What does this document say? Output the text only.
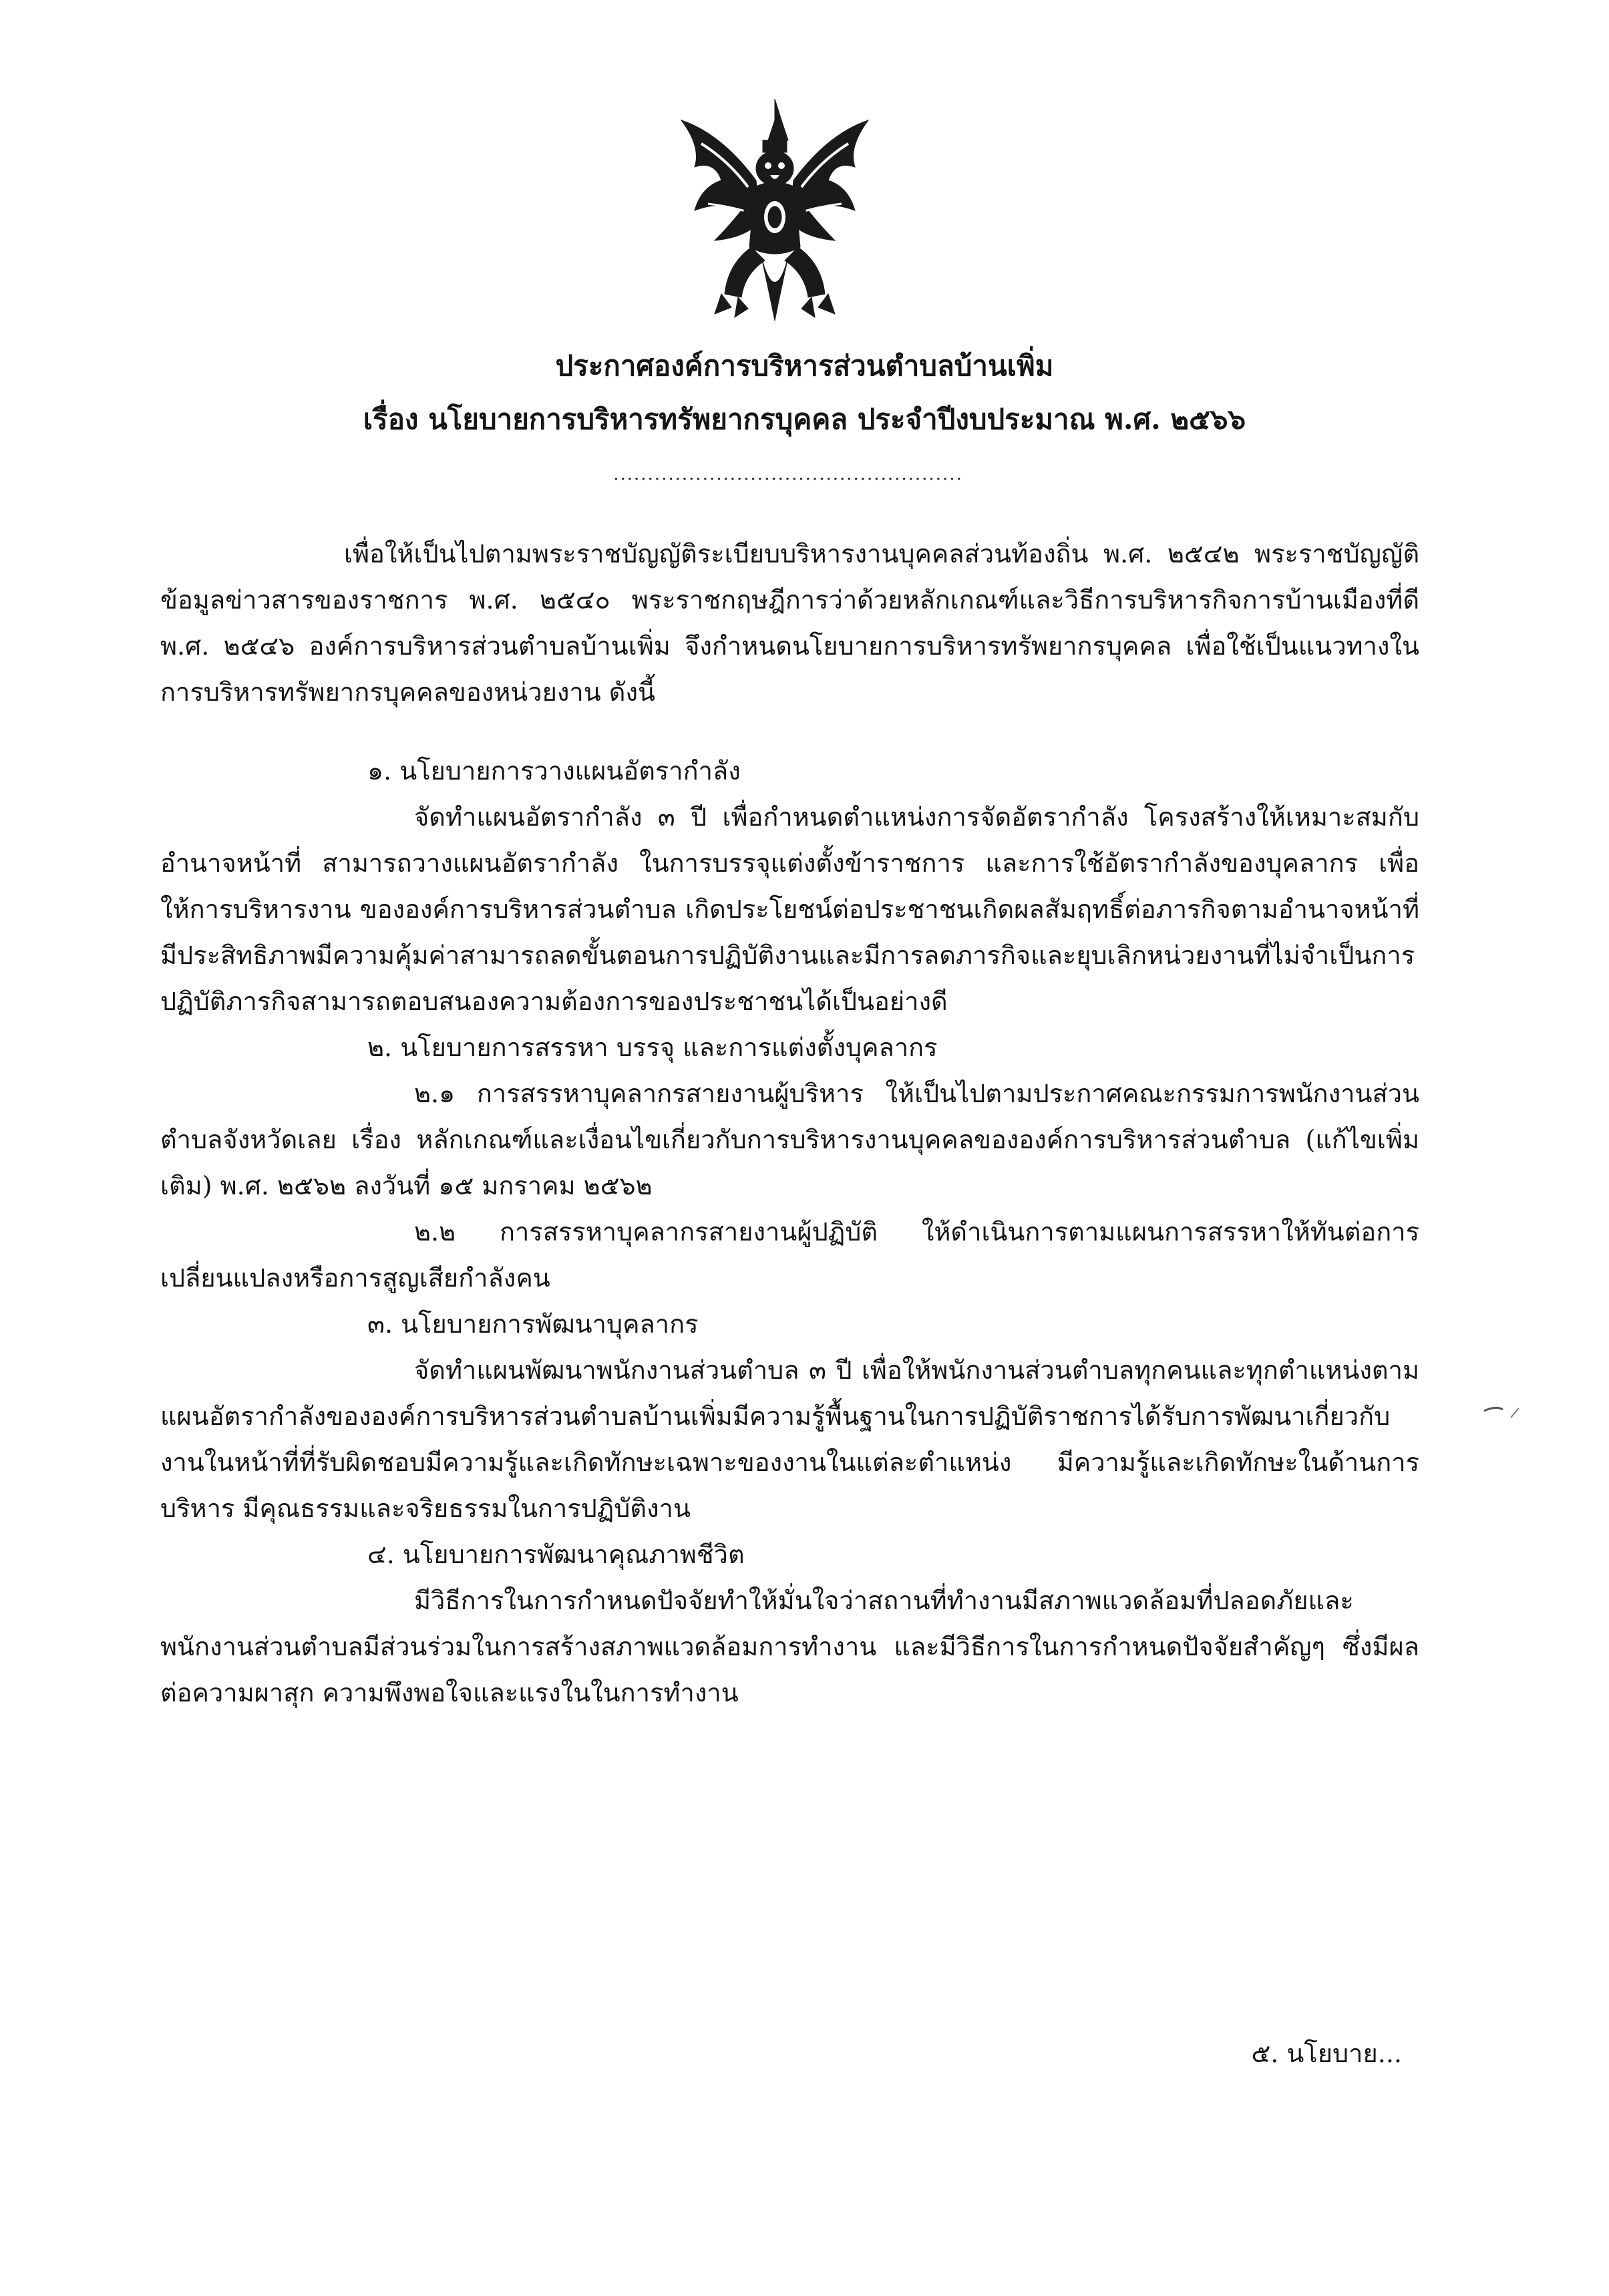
ประกาศองค์การบริหารส่วนตำบลบ้านเพิ่ม
เรื่อง นโยบายการบริหารทรัพยากรบุคคล ประจำปีงบประมาณ พ.ศ. ๒๕๖๖
...................................................

เพื่อให้เป็นไปตามพระราชบัญญัติระเบียบบริหารงานบุคคลส่วนท้องถิ่น พ.ศ. ๒๕๔๒ พระราชบัญญัติข้อมูลข่าวสารของราชการ พ.ศ. ๒๕๔๐ พระราชกฤษฎีการว่าด้วยหลักเกณฑ์และวิธีการบริหารกิจการบ้านเมืองที่ดี พ.ศ. ๒๕๔๖ องค์การบริหารส่วนตำบลบ้านเพิ่ม จึงกำหนดนโยบายการบริหารทรัพยากรบุคคล เพื่อใช้เป็นแนวทางในการบริหารทรัพยากรบุคคลของหน่วยงาน ดังนี้

๑. นโยบายการวางแผนอัตรากำลัง

จัดทำแผนอัตรากำลัง ๓ ปี เพื่อกำหนดตำแหน่งการจัดอัตรากำลัง โครงสร้างให้เหมาะสมกับอำนาจหน้าที่ สามารถวางแผนอัตรากำลัง ในการบรรจุแต่งตั้งข้าราชการ และการใช้อัตรากำลังของบุคลากร เพื่อให้การบริหารงาน ขององค์การบริหารส่วนตำบล เกิดประโยชน์ต่อประชาชนเกิดผลสัมฤทธิ์ต่อภารกิจตามอำนาจหน้าที่ มีประสิทธิภาพมีความคุ้มค่าสามารถลดขั้นตอนการปฏิบัติงานและมีการลดภารกิจและยุบเลิกหน่วยงานที่ไม่จำเป็นการปฏิบัติภารกิจสามารถตอบสนองความต้องการของประชาชนได้เป็นอย่างดี

๒. นโยบายการสรรหา บรรจุ และการแต่งตั้งบุคลากร

๒.๑ การสรรหาบุคลากรสายงานผู้บริหาร ให้เป็นไปตามประกาศคณะกรรมการพนักงานส่วนตำบลจังหวัดเลย เรื่อง หลักเกณฑ์และเงื่อนไขเกี่ยวกับการบริหารงานบุคคลขององค์การบริหารส่วนตำบล (แก้ไขเพิ่มเติม) พ.ศ. ๒๕๖๒ ลงวันที่ ๑๕ มกราคม ๒๕๖๒

๒.๒ การสรรหาบุคลากรสายงานผู้ปฏิบัติ ให้ดำเนินการตามแผนการสรรหาให้ทันต่อการเปลี่ยนแปลงหรือการสูญเสียกำลังคน

๓. นโยบายการพัฒนาบุคลากร

จัดทำแผนพัฒนาพนักงานส่วนตำบล ๓ ปี เพื่อให้พนักงานส่วนตำบลทุกคนและทุกตำแหน่งตามแผนอัตรากำลังขององค์การบริหารส่วนตำบลบ้านเพิ่มมีความรู้พื้นฐานในการปฏิบัติราชการได้รับการพัฒนาเกี่ยวกับงานในหน้าที่ที่รับผิดชอบมีความรู้และเกิดทักษะเฉพาะของงานในแต่ละตำแหน่ง มีความรู้และเกิดทักษะในด้านการบริหาร มีคุณธรรมและจริยธรรมในการปฏิบัติงาน

๔. นโยบายการพัฒนาคุณภาพชีวิต

มีวิธีการในการกำหนดปัจจัยทำให้มั่นใจว่าสถานที่ทำงานมีสภาพแวดล้อมที่ปลอดภัยและพนักงานส่วนตำบลมีส่วนร่วมในการสร้างสภาพแวดล้อมการทำงาน และมีวิธีการในการกำหนดปัจจัยสำคัญๆ ซึ่งมีผลต่อความผาสุก ความพึงพอใจและแรงในในการทำงาน

๕. นโยบาย...
